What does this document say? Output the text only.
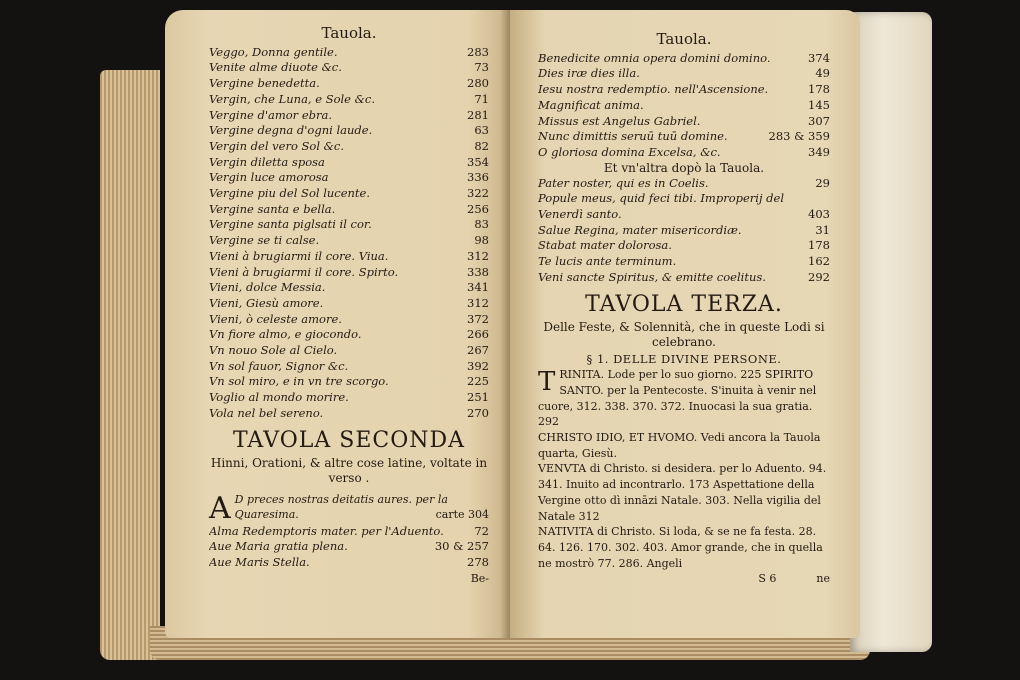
Tauola.
Veggo, Donna gentile.	283
Venite alme diuote &c.	73
Vergine benedetta.	280
Vergin, che Luna, e Sole &c.	71
Vergine d'amor ebra.	281
Vergine degna d'ogni laude.	63
Vergin del vero Sol &c.	82
Vergin diletta sposa	354
Vergin luce amorosa	336
Vergine piu del Sol lucente.	322
Vergine santa e bella.	256
Vergine santa piglsati il cor.	83
Vergine se ti calse.	98
Vieni à brugiarmi il core. Viua.	312
Vieni à brugiarmi il core. Spirto.	338
Vieni, dolce Messia.	341
Vieni, Giesù amore.	312
Vieni, ò celeste amore.	372
Vn fiore almo, e giocondo.	266
Vn nouo Sole al Cielo.	267
Vn sol fauor, Signor &c.	392
Vn sol miro, e in vn tre scorgo.	225
Voglio al mondo morire.	251
Vola nel bel sereno.	270
TAVOLA SECONDA
Hinni, Orationi, & altre cose latine, voltate in verso .
A D preces nostras deitatis aures. per la Quaresima.	carte 304
Alma Redemptoris mater. per l'Aduento.	72
Aue Maria gratia plena.	30 & 257
Aue Maris Stella.	278
Be-
Tauola.
Benedicite omnia opera domini domino.	374
Dies iræ dies illa.	49
Iesu nostra redemptio. nell'Ascensione.	178
Magnificat anima.	145
Missus est Angelus Gabriel.	307
Nunc dimittis seruū tuū domine.	283 & 359
O gloriosa domina Excelsa, &c.	349
Et vn'altra dopò la Tauola.
Pater noster, qui es in Coelis.	29
Popule meus, quid feci tibi. Improperij del Venerdì santo.	403
Salue Regina, mater misericordiæ.	31
Stabat mater dolorosa.	178
Te lucis ante terminum.	162
Veni sancte Spiritus, & emitte coelitus.	292
TAVOLA TERZA.
Delle Feste, & Solennità, che in queste Lodi si celebrano.
§ 1. DELLE DIVINE PERSONE.
TRINITA. Lode per lo suo giorno. 225 SPIRITO SANTO. per la Pentecoste. S'inuita à venir nel cuore, 312. 338. 370. 372. Inuocasi la sua gratia. 292
CHRISTO IDIO, ET HVOMO. Vedi ancora la Tauola quarta, Giesù.
VENVTA di Christo. si desidera. per lo Aduento. 94. 341. Inuito ad incontrarlo. 173 Aspettatione della Vergine otto dì innāzi Natale. 303. Nella vigilia del Natale 312
NATIVITA di Christo. Si loda, & se ne fa festa. 28. 64. 126. 170. 302. 403. Amor grande, che in quella ne mostrò 77. 286. Angeli
S 6	ne
